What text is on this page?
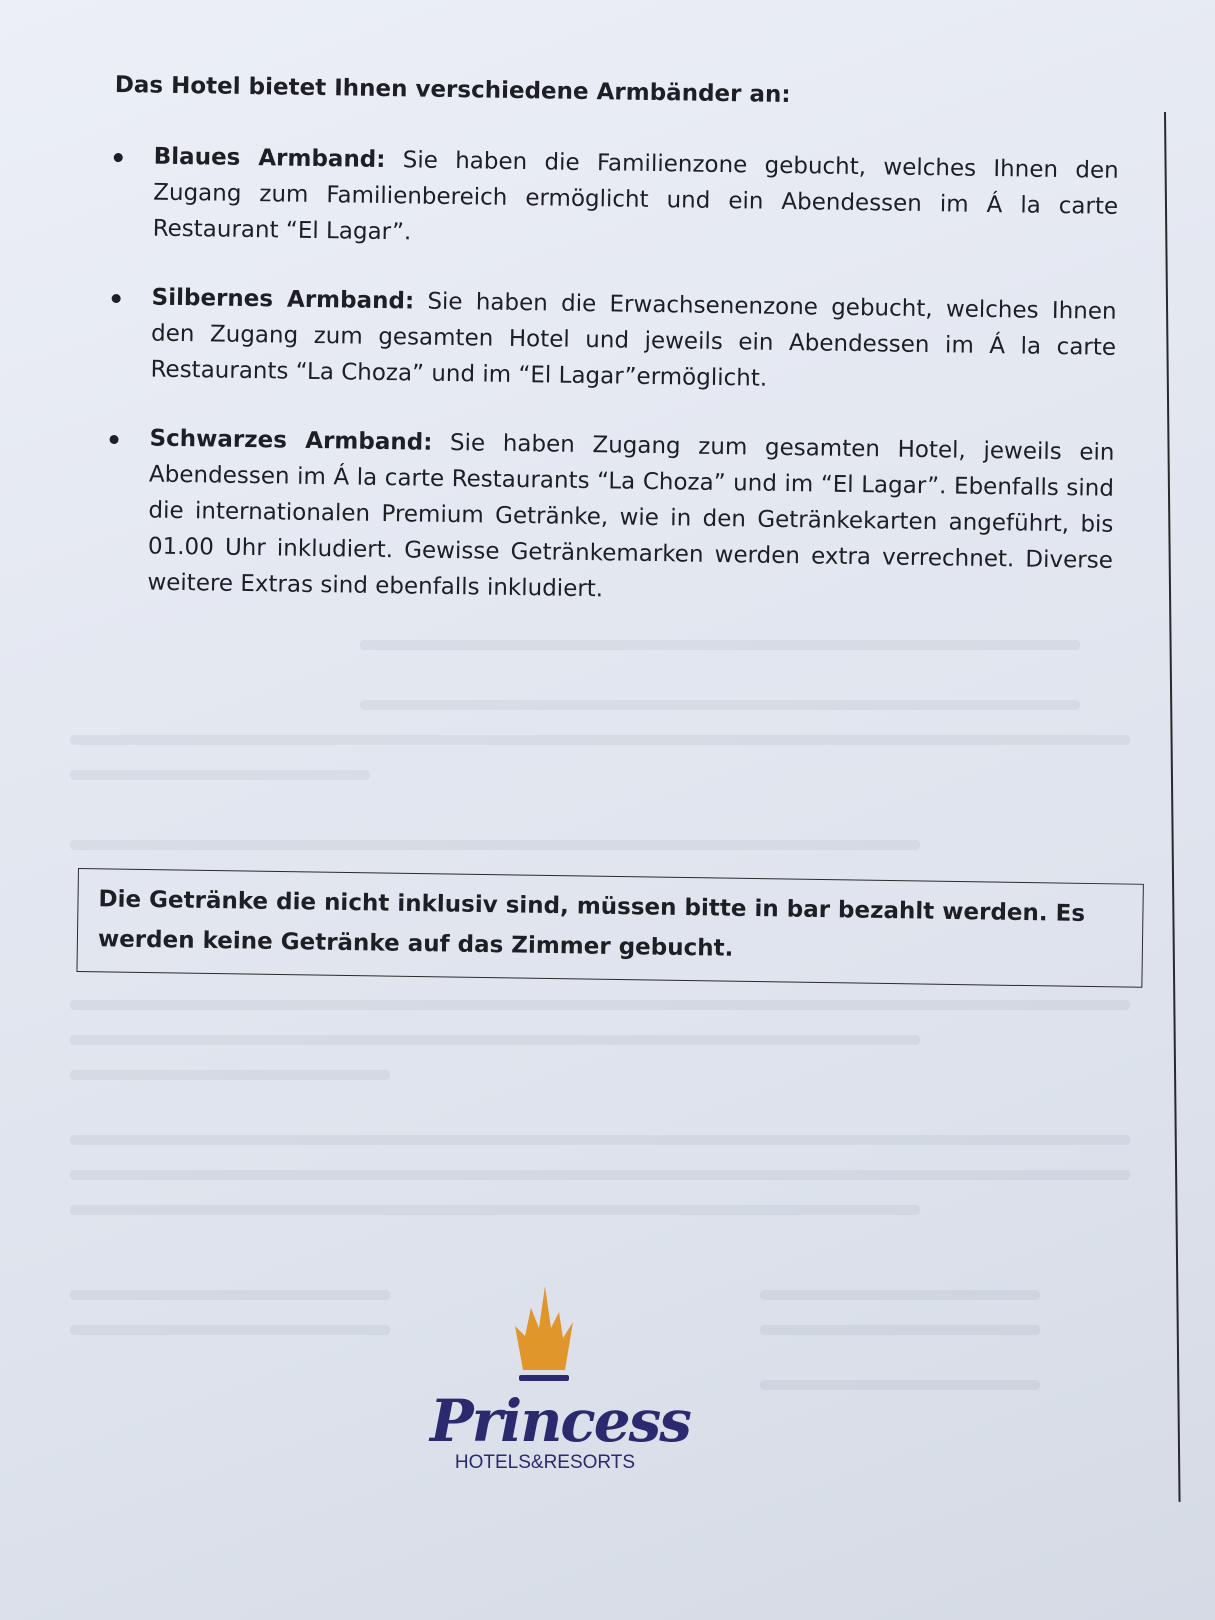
Das Hotel bietet Ihnen verschiedene Armbänder an:
Blaues Armband: Sie haben die Familienzone gebucht, welches Ihnen den Zugang zum Familienbereich ermöglicht und ein Abendessen im Á la carte Restaurant “El Lagar”.
Silbernes Armband: Sie haben die Erwachsenenzone gebucht, welches Ihnen den Zugang zum gesamten Hotel und jeweils ein Abendessen im Á la carte Restaurants “La Choza” und im “El Lagar”ermöglicht.
Schwarzes Armband: Sie haben Zugang zum gesamten Hotel, jeweils ein Abendessen im Á la carte Restaurants “La Choza” und im “El Lagar”. Ebenfalls sind die internationalen Premium Getränke, wie in den Getränkekarten angeführt, bis 01.00 Uhr inkludiert. Gewisse Getränkemarken werden extra verrechnet. Diverse weitere Extras sind ebenfalls inkludiert.
Die Getränke die nicht inklusiv sind, müssen bitte in bar bezahlt werden. Es werden keine Getränke auf das Zimmer gebucht.
Princess
HOTELS&RESORTS
